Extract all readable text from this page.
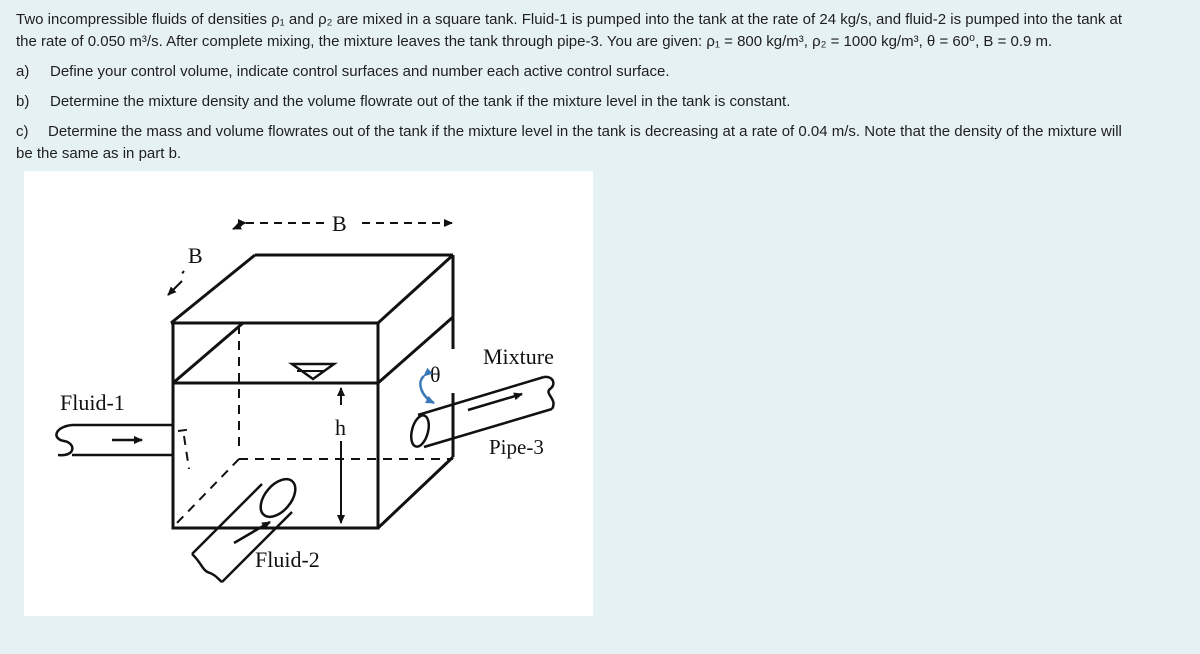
Two incompressible fluids of densities ρ₁ and ρ₂ are mixed in a square tank. Fluid-1 is pumped into the tank at the rate of 24 kg/s, and fluid-2 is pumped into the tank at
the rate of 0.050 m³/s. After complete mixing, the mixture leaves the tank through pipe-3. You are given: ρ₁ = 800 kg/m³, ρ₂ = 1000 kg/m³, θ = 60⁰, B = 0.9 m.

a) Define your control volume, indicate control surfaces and number each active control surface.

b) Determine the mixture density and the volume flowrate out of the tank if the mixture level in the tank is constant.

c) Determine the mass and volume flowrates out of the tank if the mixture level in the tank is decreasing at a rate of 0.04 m/s. Note that the density of the mixture will
be the same as in part b.

B
B
h
Fluid-1
Fluid-2
Mixture
Pipe-3
θ
